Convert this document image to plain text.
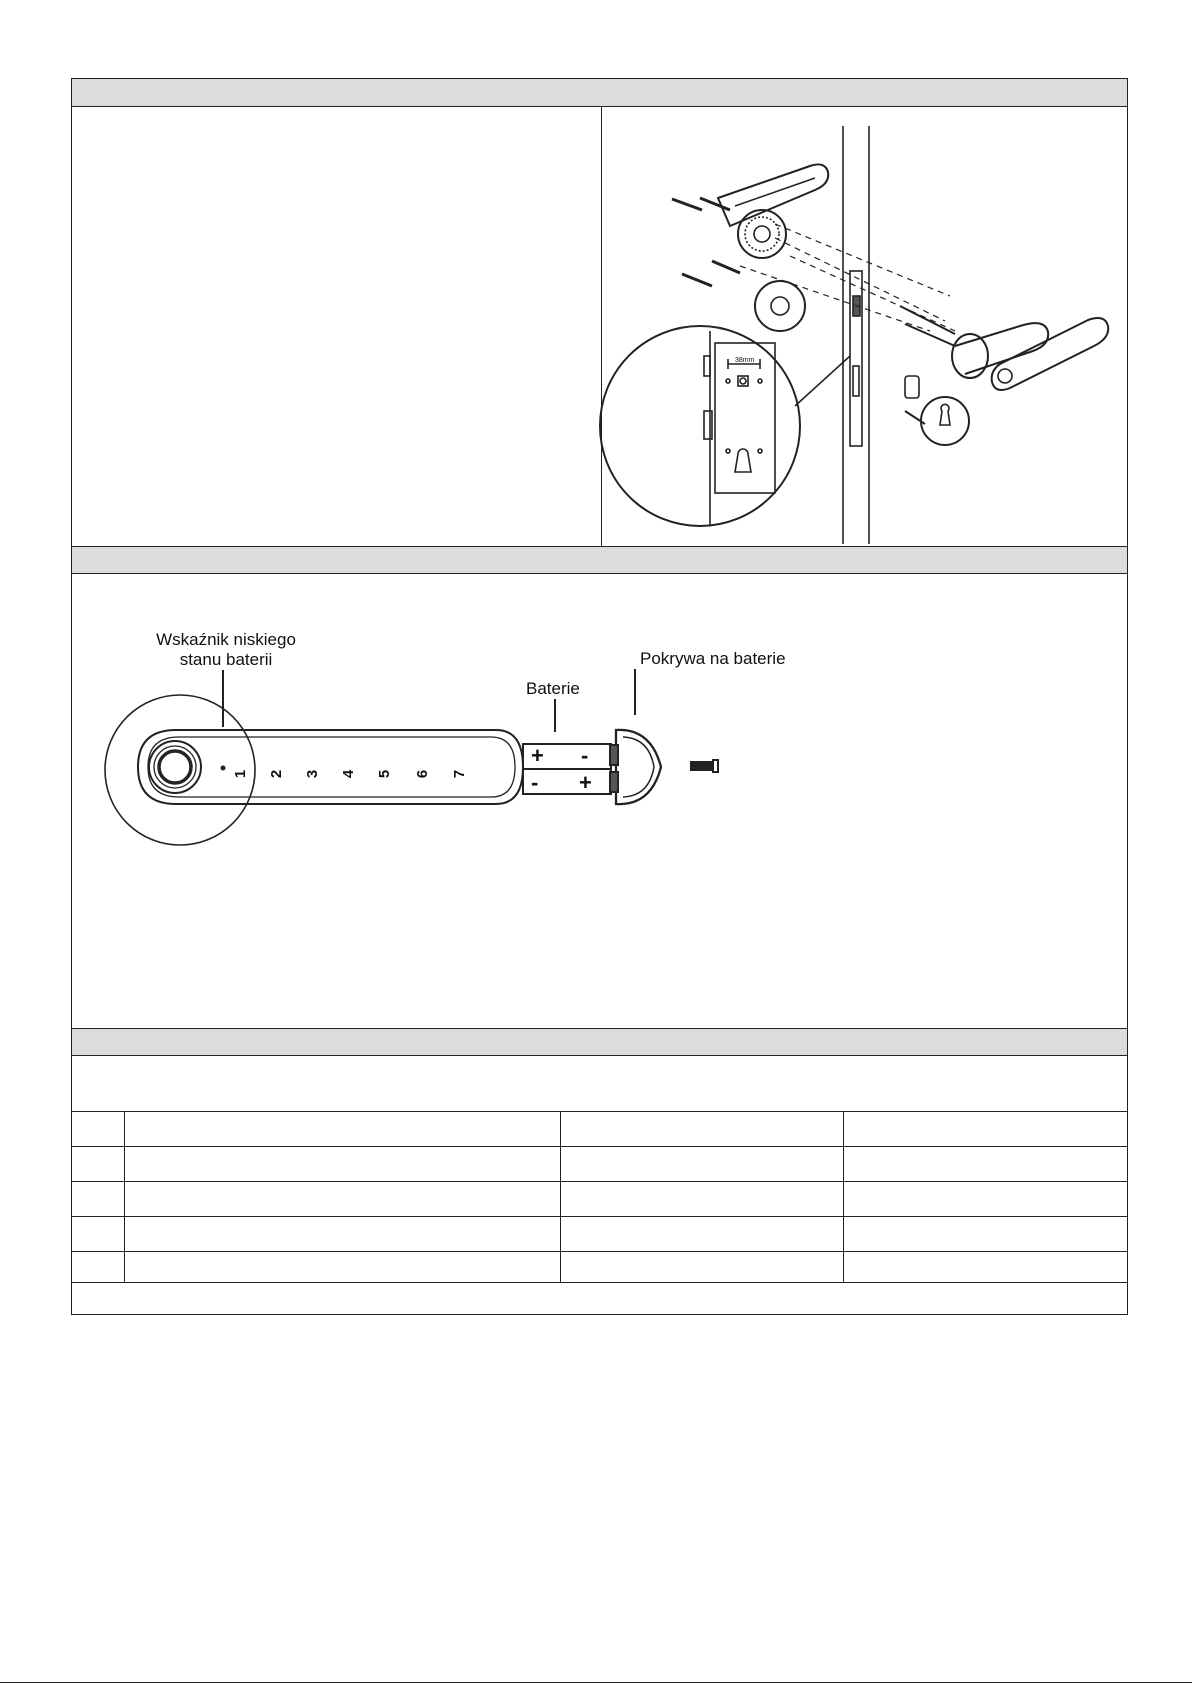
38mm
Wskaźnik niskiego
stanu baterii	Pokrywa na baterie
Baterie
1 2 3 4 5 6 7
+ -
- +
